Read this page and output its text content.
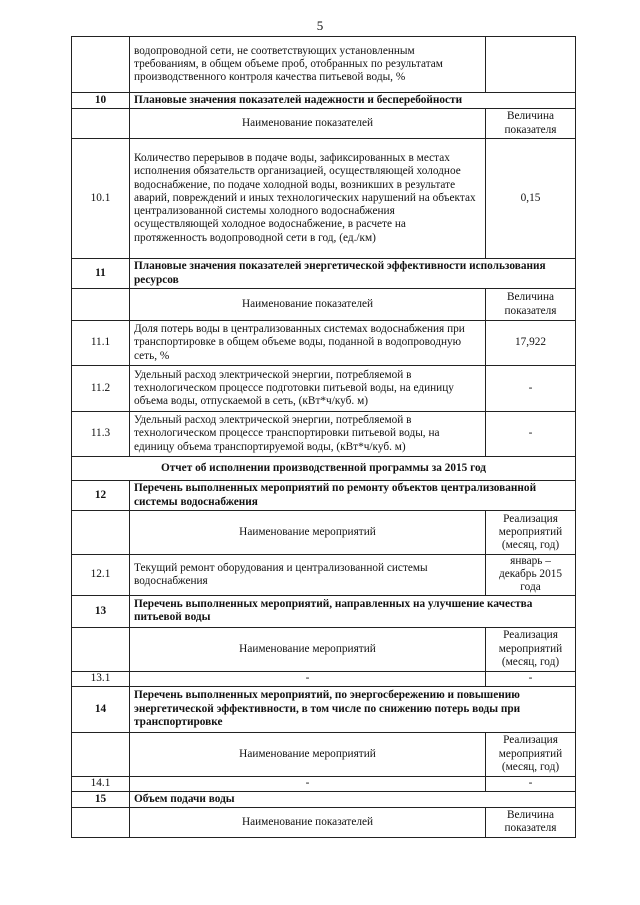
5
	водопроводной сети, не соответствующих установленным требованиям, в общем объеме проб, отобранных по результатам производственного контроля качества питьевой воды, %	
10	Плановые значения показателей надежности и бесперебойности	
	Наименование показателей	Величина показателя
10.1	Количество перерывов в подаче воды, зафиксированных в местах исполнения обязательств организацией, осуществляющей холодное водоснабжение, по подаче холодной воды, возникших в результате аварий, повреждений и иных технологических нарушений на объектах централизованной системы холодного водоснабжения осуществляющей холодное водоснабжение, в расчете на протяженность водопроводной сети в год, (ед./км)	0,15
11	Плановые значения показателей энергетической эффективности использования ресурсов	
	Наименование показателей	Величина показателя
11.1	Доля потерь воды в централизованных системах водоснабжения при транспортировке в общем объеме воды, поданной в водопроводную сеть, %	17,922
11.2	Удельный расход электрической энергии, потребляемой в технологическом процессе подготовки питьевой воды, на единицу объема воды, отпускаемой в сеть, (кВт*ч/куб. м)	-
11.3	Удельный расход электрической энергии, потребляемой в технологическом процессе транспортировки питьевой воды, на единицу объема транспортируемой воды, (кВт*ч/куб. м)	-
Отчет об исполнении производственной программы за 2015 год		
12	Перечень выполненных мероприятий по ремонту объектов централизованной системы водоснабжения	
	Наименование мероприятий	Реализация мероприятий (месяц, год)
12.1	Текущий ремонт оборудования и централизованной системы водоснабжения	январь – декабрь 2015 года
13	Перечень выполненных мероприятий, направленных на улучшение качества питьевой воды	
	Наименование мероприятий	Реализация мероприятий (месяц, год)
13.1	-	-
14	Перечень выполненных мероприятий, по энергосбережению и повышению энергетической эффективности, в том числе по снижению потерь воды при транспортировке	
	Наименование мероприятий	Реализация мероприятий (месяц, год)
14.1	-	-
15	Объем подачи воды	
	Наименование показателей	Величина показателя
